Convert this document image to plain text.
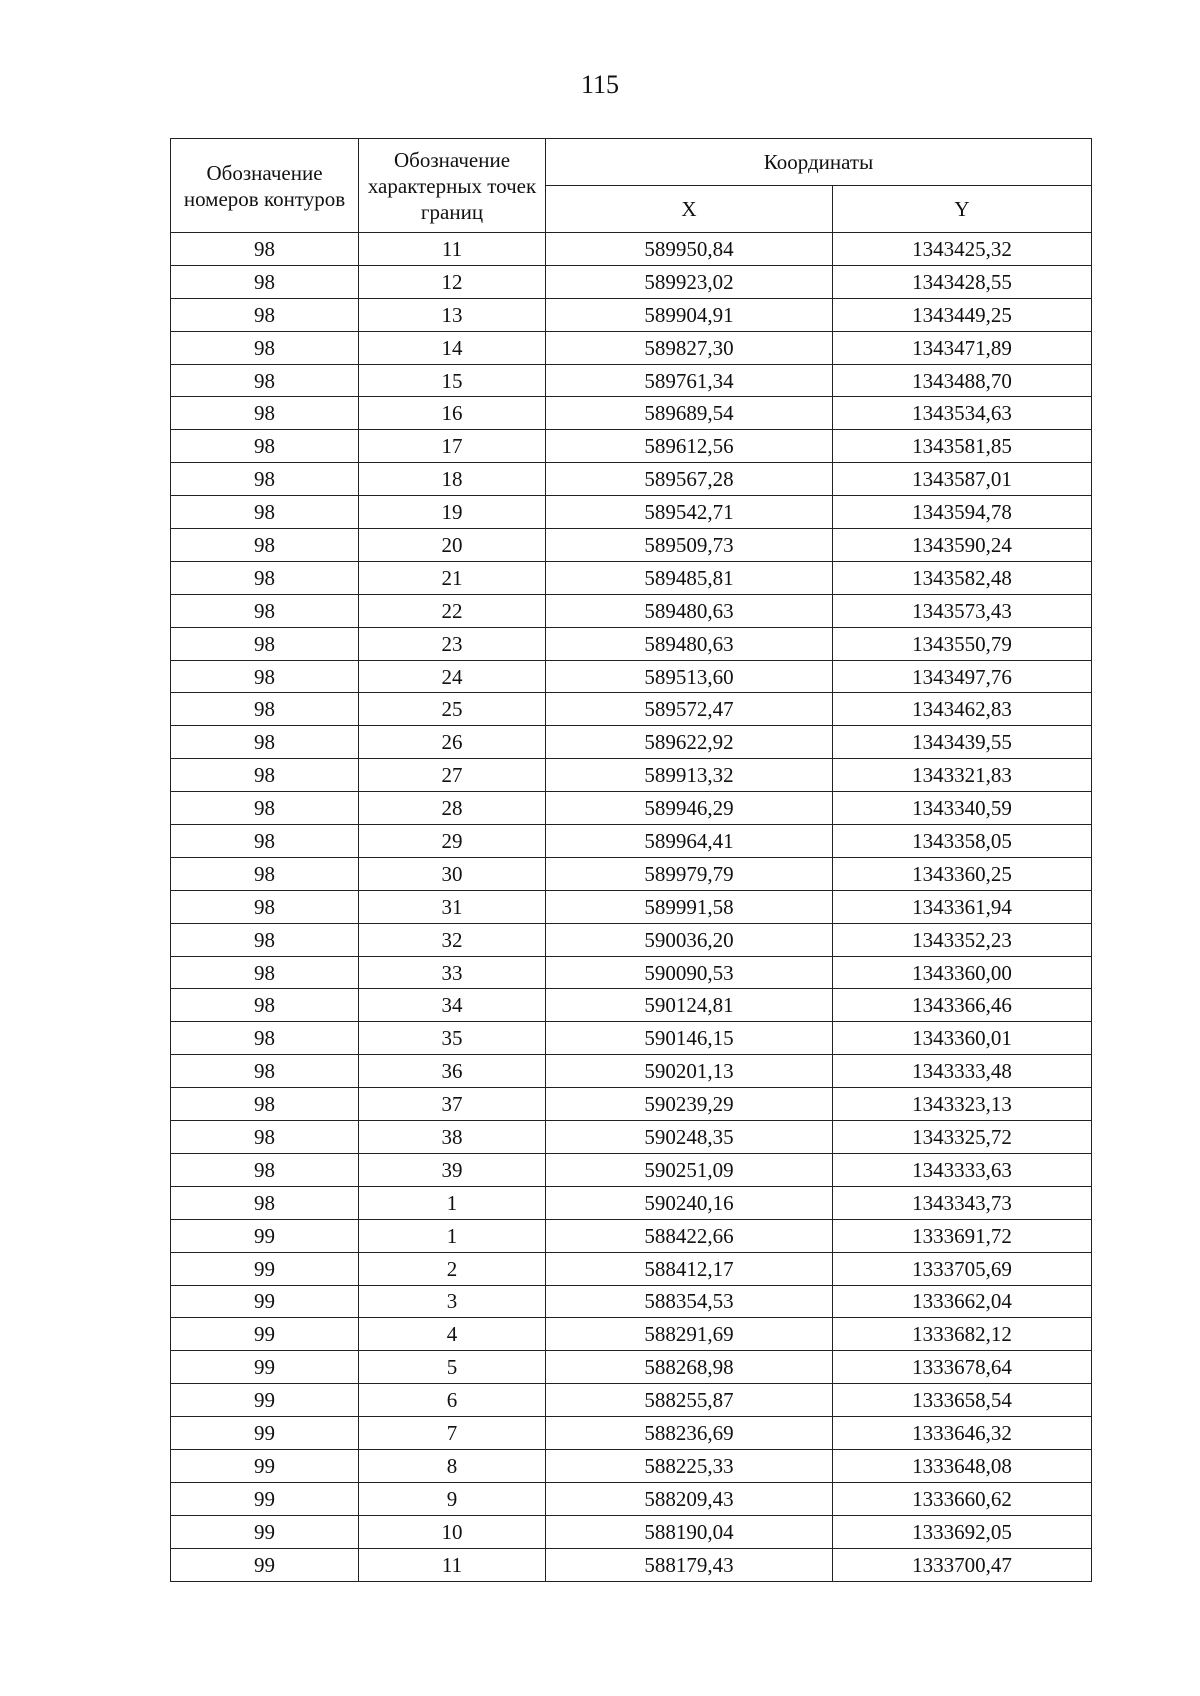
115
Обозначение номеров контуров	Обозначение характерных точек границ	Координаты	
		X	Y
98	11	589950,84	1343425,32
98	12	589923,02	1343428,55
98	13	589904,91	1343449,25
98	14	589827,30	1343471,89
98	15	589761,34	1343488,70
98	16	589689,54	1343534,63
98	17	589612,56	1343581,85
98	18	589567,28	1343587,01
98	19	589542,71	1343594,78
98	20	589509,73	1343590,24
98	21	589485,81	1343582,48
98	22	589480,63	1343573,43
98	23	589480,63	1343550,79
98	24	589513,60	1343497,76
98	25	589572,47	1343462,83
98	26	589622,92	1343439,55
98	27	589913,32	1343321,83
98	28	589946,29	1343340,59
98	29	589964,41	1343358,05
98	30	589979,79	1343360,25
98	31	589991,58	1343361,94
98	32	590036,20	1343352,23
98	33	590090,53	1343360,00
98	34	590124,81	1343366,46
98	35	590146,15	1343360,01
98	36	590201,13	1343333,48
98	37	590239,29	1343323,13
98	38	590248,35	1343325,72
98	39	590251,09	1343333,63
98	1	590240,16	1343343,73
99	1	588422,66	1333691,72
99	2	588412,17	1333705,69
99	3	588354,53	1333662,04
99	4	588291,69	1333682,12
99	5	588268,98	1333678,64
99	6	588255,87	1333658,54
99	7	588236,69	1333646,32
99	8	588225,33	1333648,08
99	9	588209,43	1333660,62
99	10	588190,04	1333692,05
99	11	588179,43	1333700,47
